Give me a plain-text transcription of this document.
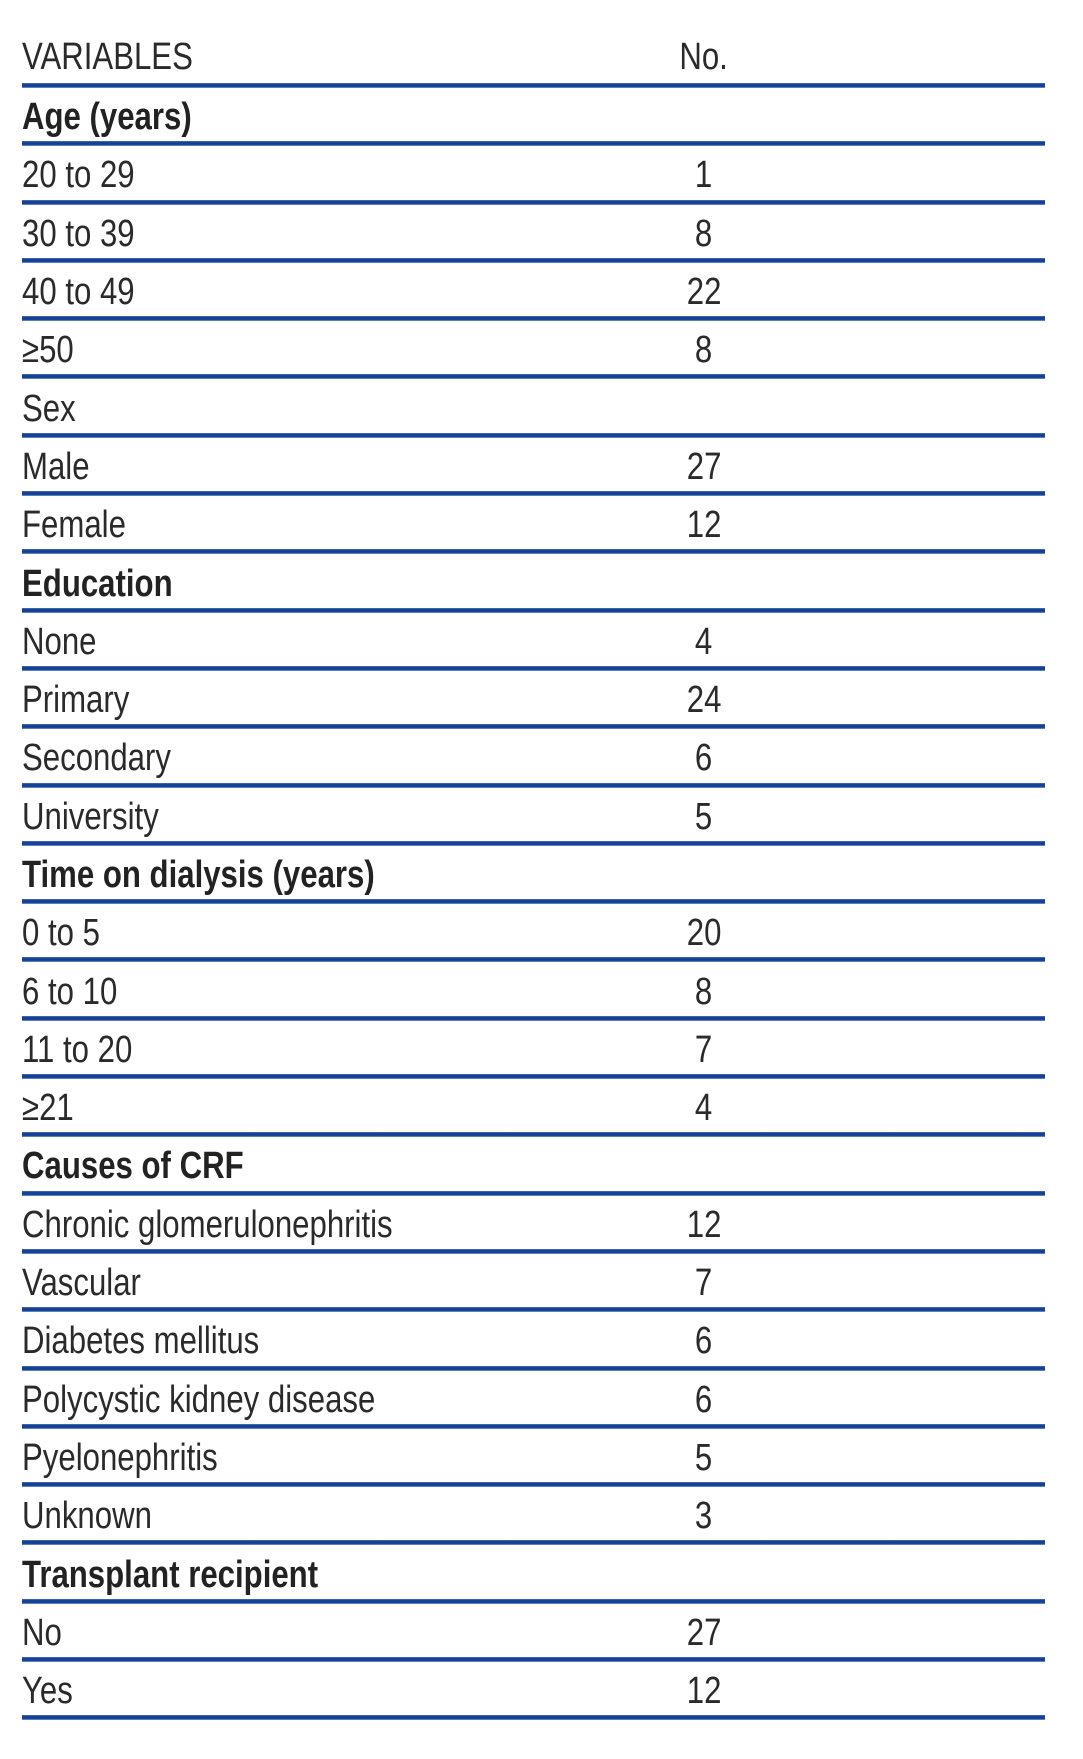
VARIABLES	No.
Age (years)
20 to 29	1
30 to 39	8
40 to 49	22
≥50	8
Sex
Male	27
Female	12
Education
None	4
Primary	24
Secondary	6
University	5
Time on dialysis (years)
0 to 5	20
6 to 10	8
11 to 20	7
≥21	4
Causes of CRF
Chronic glomerulonephritis	12
Vascular	7
Diabetes mellitus	6
Polycystic kidney disease	6
Pyelonephritis	5
Unknown	3
Transplant recipient
No	27
Yes	12
